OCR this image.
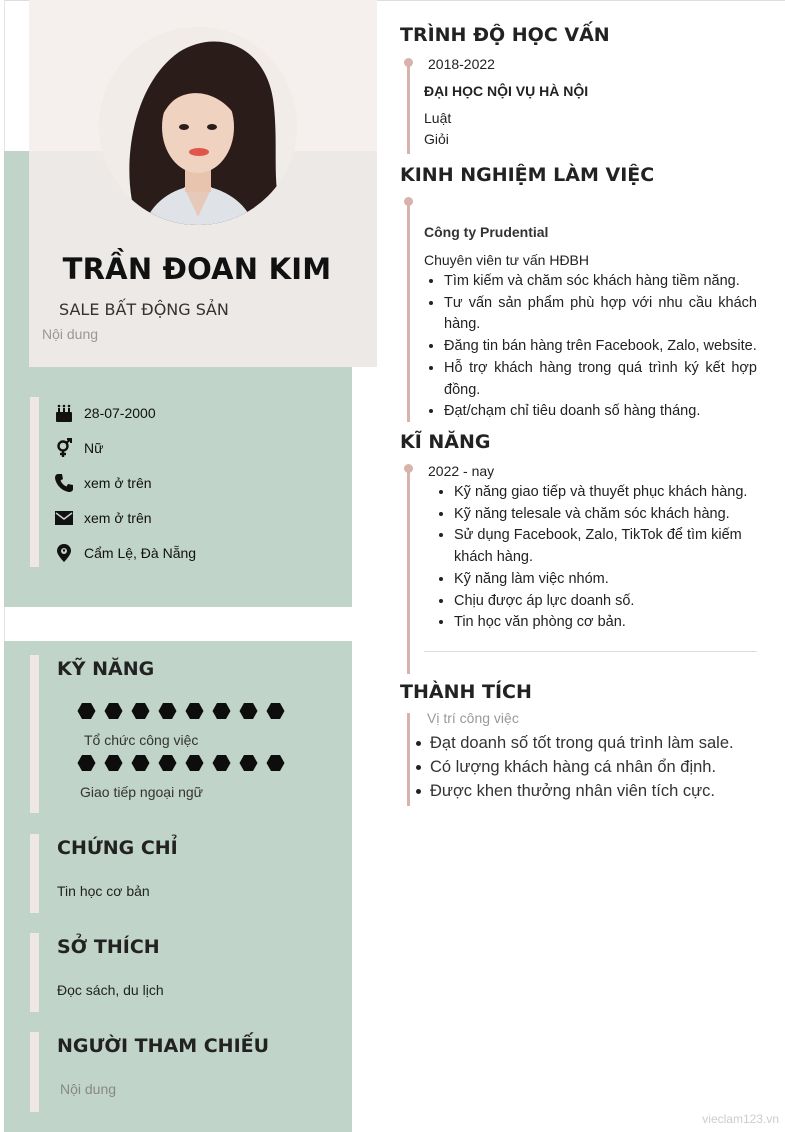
TRẦN ĐOAN KIM
SALE BẤT ĐỘNG SẢN
Nội dung
28-07-2000
Nữ
xem ở trên
xem ở trên
Cẩm Lệ, Đà Nẵng
KỸ NĂNG
Tổ chức công việc
Giao tiếp ngoại ngữ
CHỨNG CHỈ
Tin học cơ bản
SỞ THÍCH
Đọc sách, du lịch
NGƯỜI THAM CHIẾU
Nội dung
TRÌNH ĐỘ HỌC VẤN
2018-2022
ĐẠI HỌC NỘI VỤ HÀ NỘI
Luật
Giỏi
KINH NGHIỆM LÀM VIỆC
Công ty Prudential
Chuyên viên tư vấn HĐBH
• Tìm kiếm và chăm sóc khách hàng tiềm năng.
• Tư vấn sản phẩm phù hợp với nhu cầu khách hàng.
• Đăng tin bán hàng trên Facebook, Zalo, website.
• Hỗ trợ khách hàng trong quá trình ký kết hợp đồng.
• Đạt/chạm chỉ tiêu doanh số hàng tháng.
KĨ NĂNG
2022 - nay
• Kỹ năng giao tiếp và thuyết phục khách hàng.
• Kỹ năng telesale và chăm sóc khách hàng.
• Sử dụng Facebook, Zalo, TikTok để tìm kiếm khách hàng.
• Kỹ năng làm việc nhóm.
• Chịu được áp lực doanh số.
• Tin học văn phòng cơ bản.
THÀNH TÍCH
Vị trí công việc
Đạt doanh số tốt trong quá trình làm sale.
Có lượng khách hàng cá nhân ổn định.
Được khen thưởng nhân viên tích cực.
vieclam123.vn
